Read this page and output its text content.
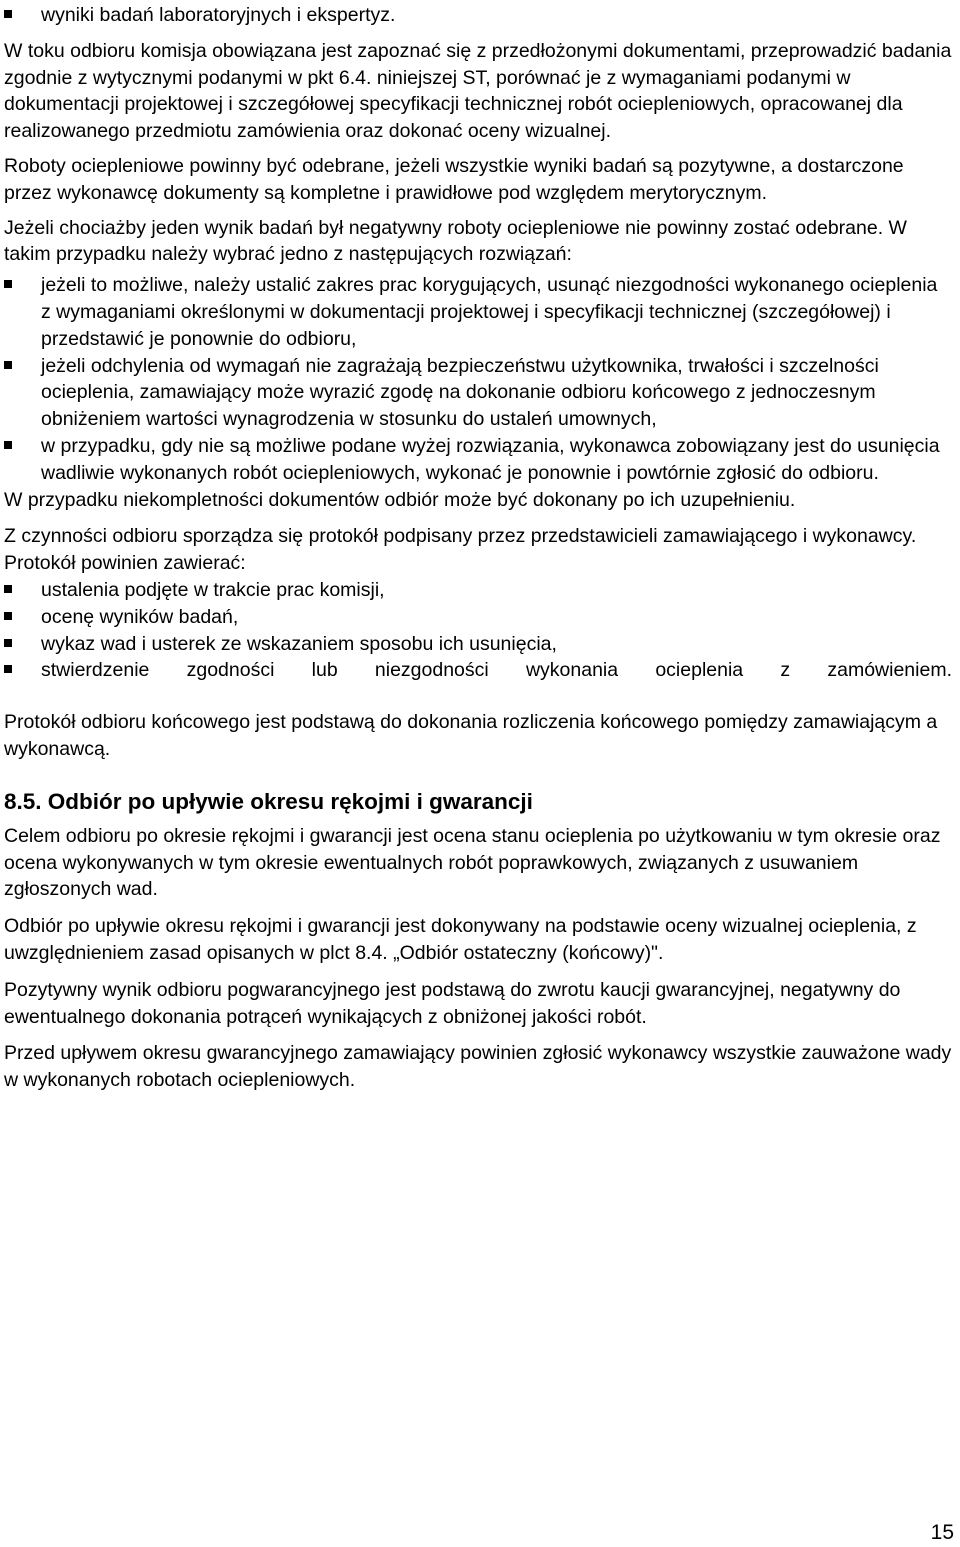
wyniki badań laboratoryjnych i ekspertyz.

W toku odbioru komisja obowiązana jest zapoznać się z przedłożonymi dokumentami, przeprowadzić badania zgodnie z wytycznymi podanymi w pkt 6.4. niniejszej ST, porównać je z wymaganiami podanymi w dokumentacji projektowej i szczegółowej specyfikacji technicznej robót ociepleniowych, opracowanej dla realizowanego przedmiotu zamówienia oraz dokonać oceny wizualnej.

Roboty ociepleniowe powinny być odebrane, jeżeli wszystkie wyniki badań są pozytywne, a dostarczone przez wykonawcę dokumenty są kompletne i prawidłowe pod względem merytorycznym.

Jeżeli chociażby jeden wynik badań był negatywny roboty ociepleniowe nie powinny zostać odebrane. W takim przypadku należy wybrać jedno z następujących rozwiązań:

jeżeli to możliwe, należy ustalić zakres prac korygujących, usunąć niezgodności wykonanego ocieplenia z wymaganiami określonymi w dokumentacji projektowej i specyfikacji technicznej (szczegółowej) i przedstawić je ponownie do odbioru,
jeżeli odchylenia od wymagań nie zagrażają bezpieczeństwu użytkownika, trwałości i szczelności ocieplenia, zamawiający może wyrazić zgodę na dokonanie odbioru końcowego z jednoczesnym obniżeniem wartości wynagrodzenia w stosunku do ustaleń umownych,
w przypadku, gdy nie są możliwe podane wyżej rozwiązania, wykonawca zobowiązany jest do usunięcia wadliwie wykonanych robót ociepleniowych, wykonać je ponownie i powtórnie zgłosić do odbioru.

W przypadku niekompletności dokumentów odbiór może być dokonany po ich uzupełnieniu.

Z czynności odbioru sporządza się protokół podpisany przez przedstawicieli zamawiającego i wykonawcy. Protokół powinien zawierać:

ustalenia podjęte w trakcie prac komisji,
ocenę wyników badań,
wykaz wad i usterek ze wskazaniem sposobu ich usunięcia,
stwierdzenie zgodności lub niezgodności wykonania ocieplenia z zamówieniem.

Protokół odbioru końcowego jest podstawą do dokonania rozliczenia końcowego pomiędzy zamawiającym a wykonawcą.

8.5. Odbiór po upływie okresu rękojmi i gwarancji

Celem odbioru po okresie rękojmi i gwarancji jest ocena stanu ocieplenia po użytkowaniu w tym okresie oraz ocena wykonywanych w tym okresie ewentualnych robót poprawkowych, związanych z usuwaniem zgłoszonych wad.

Odbiór po upływie okresu rękojmi i gwarancji jest dokonywany na podstawie oceny wizualnej ocieplenia, z uwzględnieniem zasad opisanych w plct 8.4. „Odbiór ostateczny (końcowy)".

Pozytywny wynik odbioru pogwarancyjnego jest podstawą do zwrotu kaucji gwarancyjnej, negatywny do ewentualnego dokonania potrąceń wynikających z obniżonej jakości robót.

Przed upływem okresu gwarancyjnego zamawiający powinien zgłosić wykonawcy wszystkie zauważone wady w wykonanych robotach ociepleniowych.

15
